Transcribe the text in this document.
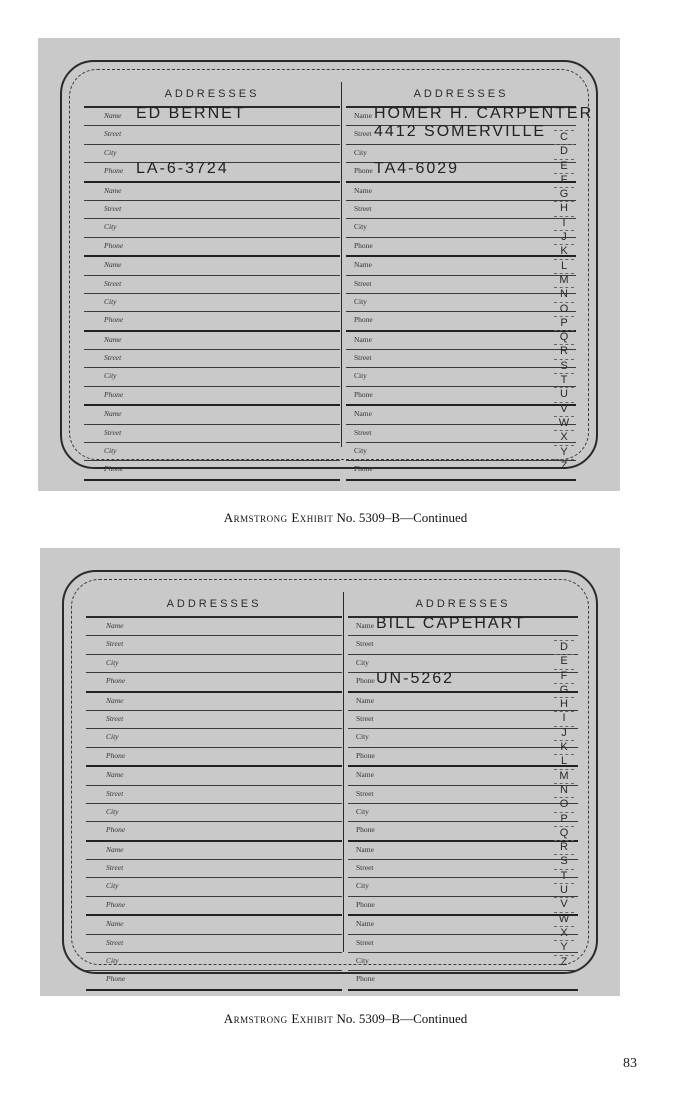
ADDRESSES
Name ED BERNET
Street
City
Phone LA-6-3724
Name
Street
City
Phone
Name
Street
City
Phone
Name
Street
City
Phone
Name
Street
City
Phone
ADDRESSES
Name HOMER H. CARPENTER
Street 4412 SOMERVILLE
City
Phone TA4-6029
Name
Street
City
Phone
Name
Street
City
Phone
Name
Street
City
Phone
Name
Street
City
Phone
C
D
E
F
G
H
I
J
K
L
M
N
O
P
Q
R
S
T
U
V
W
X
Y
Z
Armstrong Exhibit No. 5309–B—Continued
ADDRESSES
Name
Street
City
Phone
Name
Street
City
Phone
Name
Street
City
Phone
Name
Street
City
Phone
Name
Street
City
Phone
ADDRESSES
Name BILL CAPEHART
Street
City
Phone UN-5262
Name
Street
City
Phone
Name
Street
City
Phone
Name
Street
City
Phone
Name
Street
City
Phone
D
E
F
G
H
I
J
K
L
M
N
O
P
Q
R
S
T
U
V
W
X
Y
Z
Armstrong Exhibit No. 5309–B—Continued
83
